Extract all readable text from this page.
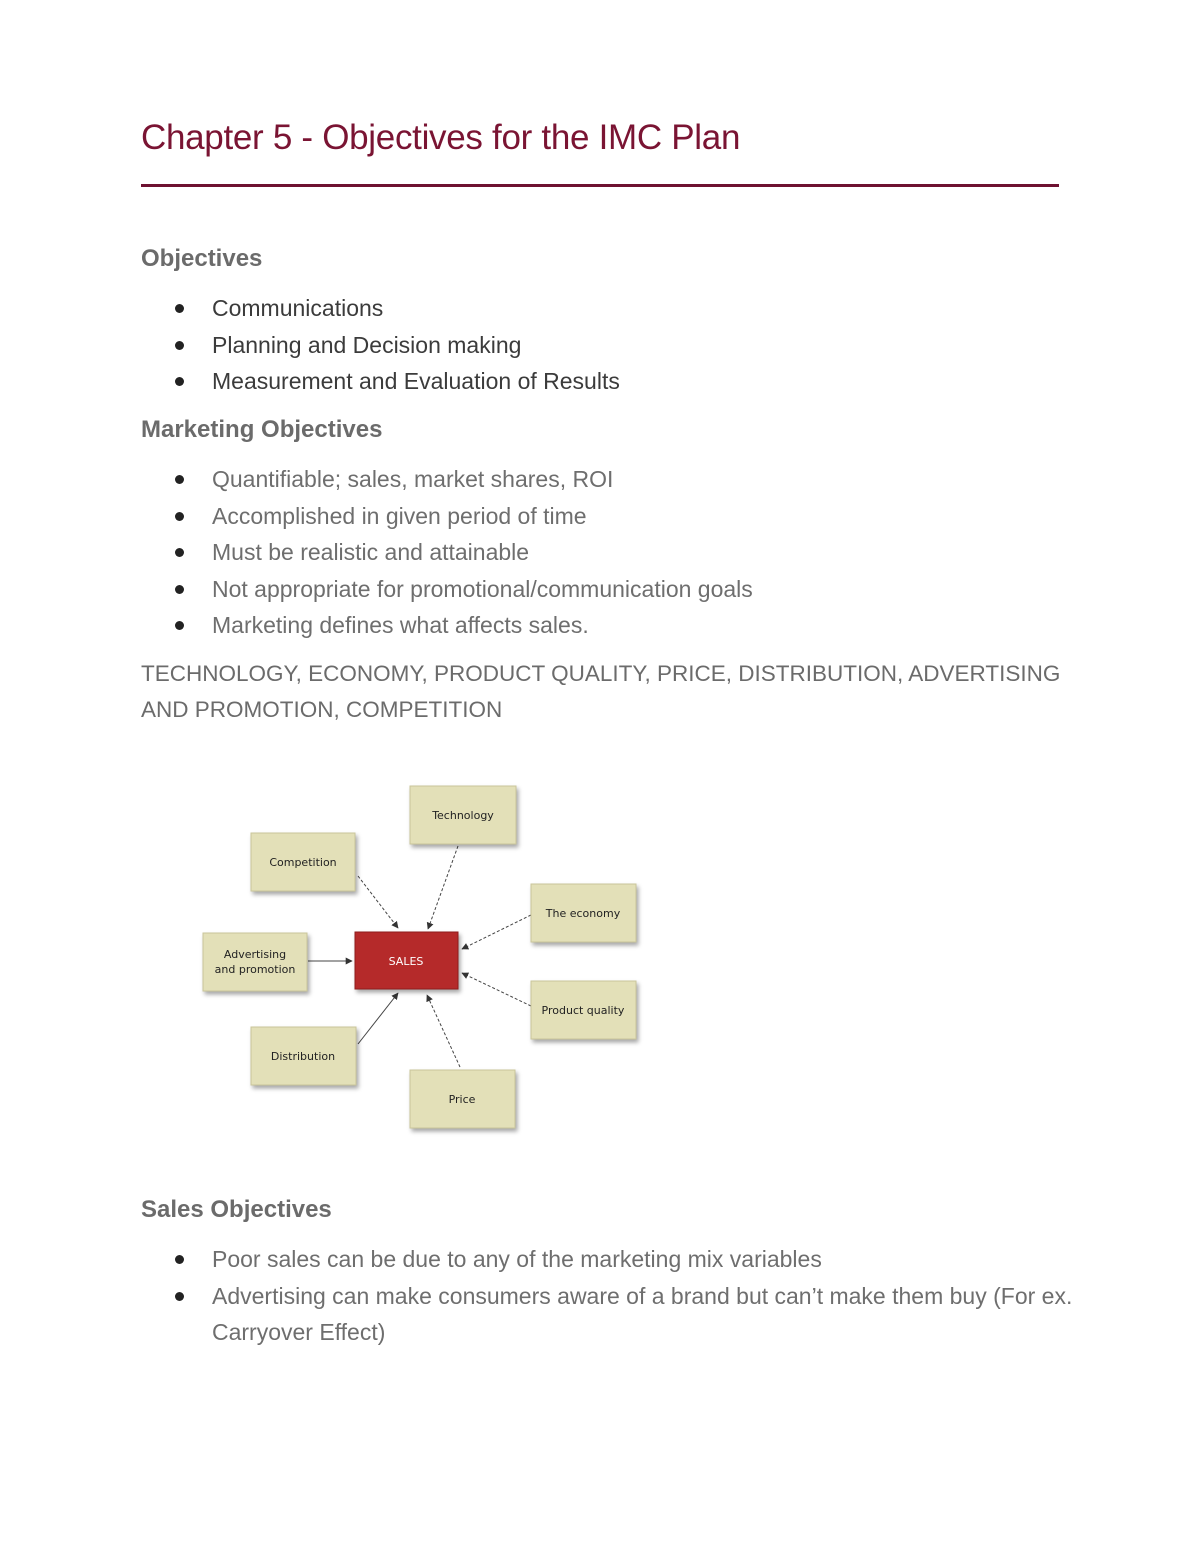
Chapter 5 - Objectives for the IMC Plan
Objectives
Communications
Planning and Decision making
Measurement and Evaluation of Results
Marketing Objectives
Quantifiable; sales, market shares, ROI
Accomplished in given period of time
Must be realistic and attainable
Not appropriate for promotional/communication goals
Marketing defines what affects sales.
TECHNOLOGY, ECONOMY, PRODUCT QUALITY, PRICE, DISTRIBUTION, ADVERTISING AND PROMOTION, COMPETITION
SALES
Technology
Competition
The economy
Advertising
and promotion
Product quality
Distribution
Price
Sales Objectives
Poor sales can be due to any of the marketing mix variables
Advertising can make consumers aware of a brand but can’t make them buy (For ex. Carryover Effect)
